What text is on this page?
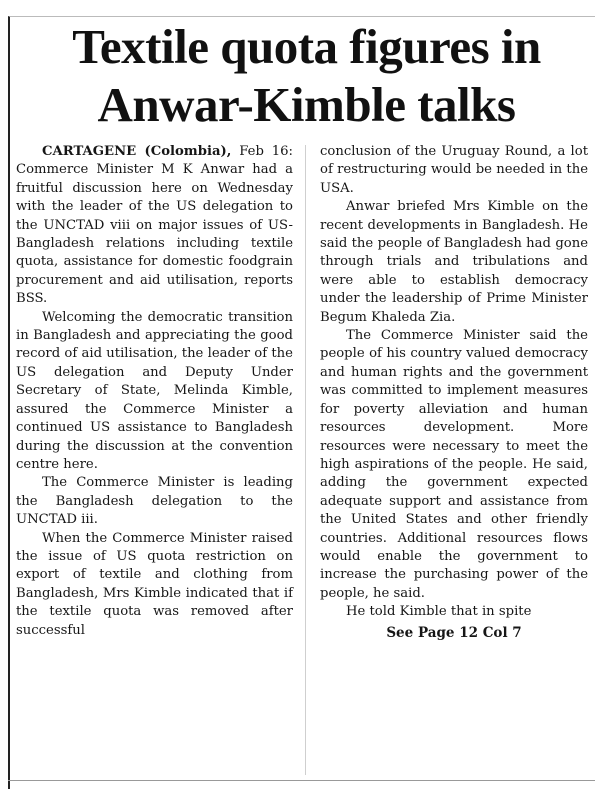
Textile quota figures in
Anwar-Kimble talks

CARTAGENE (Colombia), Feb 16: Commerce Minister M K Anwar had a fruitful discussion here on Wednesday with the leader of the US delegation to the UNCTAD viii on major issues of US-Bangladesh relations including textile quota, assistance for domestic foodgrain procurement and aid utilisation, reports BSS.

Welcoming the democratic transition in Bangladesh and appreciating the good record of aid utilisation, the leader of the US delegation and Deputy Under Secretary of State, Melinda Kimble, assured the Commerce Minister a continued US assistance to Bangladesh during the discussion at the convention centre here.

The Commerce Minister is leading the Bangladesh delegation to the UNCTAD iii.

When the Commerce Minister raised the issue of US quota restriction on export of textile and clothing from Bangladesh, Mrs Kimble indicated that if the textile quota was removed after successful

conclusion of the Uruguay Round, a lot of restructuring would be needed in the USA.

Anwar briefed Mrs Kimble on the recent developments in Bangladesh. He said the people of Bangladesh had gone through trials and tribulations and were able to establish democracy under the leadership of Prime Minister Begum Khaleda Zia.

The Commerce Minister said the people of his country valued democracy and human rights and the government was committed to implement measures for poverty alleviation and human resources development. More resources were necessary to meet the high aspirations of the people. He said, adding the government expected adequate support and assistance from the United States and other friendly countries. Additional resources flows would enable the government to increase the purchasing power of the people, he said.

He told Kimble that in spite

See Page 12 Col 7
